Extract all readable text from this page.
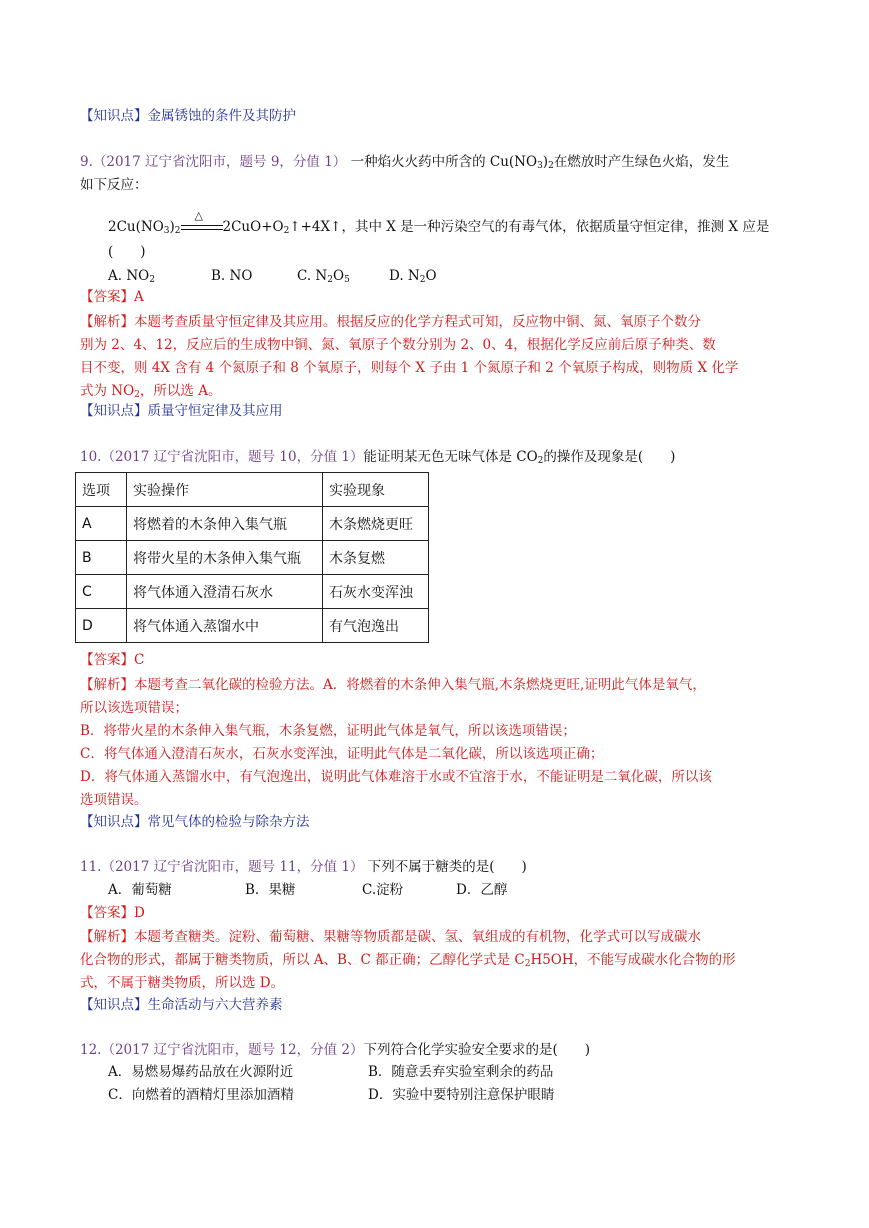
【知识点】金属锈蚀的条件及其防护
9.（2017 辽宁省沈阳市，题号 9，分值 1） 一种焰火火药中所含的 $Cu(NO_3)_2$在燃放时产生绿色火焰，发生
如下反应：
$2Cu(NO_3)_2$
△
$2CuO+O_2↑+4X↑$，其中 X 是一种污染空气的有毒气体，依据质量守恒定律，推测 X 应是
(　　)
A. $NO_2$	B. NO	C. $N_2O_5$	D. $N_2O$
【答案】A
【解析】本题考查质量守恒定律及其应用。根据反应的化学方程式可知，反应物中铜、氮、氧原子个数分
别为 2、4、12，反应后的生成物中铜、氮、氧原子个数分别为 2、0、4，根据化学反应前后原子种类、数
目不变，则 4X 含有 4 个氮原子和 8 个氧原子，则每个 X 子由 1 个氮原子和 2 个氧原子构成，则物质 X 化学
式为 $NO_2$，所以选 A。
【知识点】质量守恒定律及其应用
10.（2017 辽宁省沈阳市，题号 10，分值 1）能证明某无色无味气体是 $CO_2$的操作及现象是(　　)
选项	实验操作	实验现象
A	将燃着的木条伸入集气瓶	木条燃烧更旺
B	将带火星的木条伸入集气瓶	木条复燃
C	将气体通入澄清石灰水	石灰水变浑浊
D	将气体通入蒸馏水中	有气泡逸出
【答案】C
【解析】本题考查二氧化碳的检验方法。A．将燃着的木条伸入集气瓶,木条燃烧更旺,证明此气体是氧气，
所以该选项错误；
B．将带火星的木条伸入集气瓶，木条复燃，证明此气体是氧气，所以该选项错误；
C．将气体通入澄清石灰水，石灰水变浑浊，证明此气体是二氧化碳，所以该选项正确；
D．将气体通入蒸馏水中，有气泡逸出，说明此气体难溶于水或不宜溶于水，不能证明是二氧化碳，所以该
选项错误。
【知识点】常见气体的检验与除杂方法
11.（2017 辽宁省沈阳市，题号 11，分值 1） 下列不属于糖类的是(　　)
A．葡萄糖	B．果糖	C.淀粉	D．乙醇
【答案】D
【解析】本题考查糖类。淀粉、葡萄糖、果糖等物质都是碳、氢、氧组成的有机物，化学式可以写成碳水
化合物的形式，都属于糖类物质，所以 A、B、C 都正确；乙醇化学式是 $C_2H5OH$，不能写成碳水化合物的形
式，不属于糖类物质，所以选 D。
【知识点】生命活动与六大营养素
12.（2017 辽宁省沈阳市，题号 12，分值 2）下列符合化学实验安全要求的是(　　)
A．易燃易爆药品放在火源附近	B．随意丢弃实验室剩余的药品
C．向燃着的酒精灯里添加酒精	D．实验中要特别注意保护眼睛
